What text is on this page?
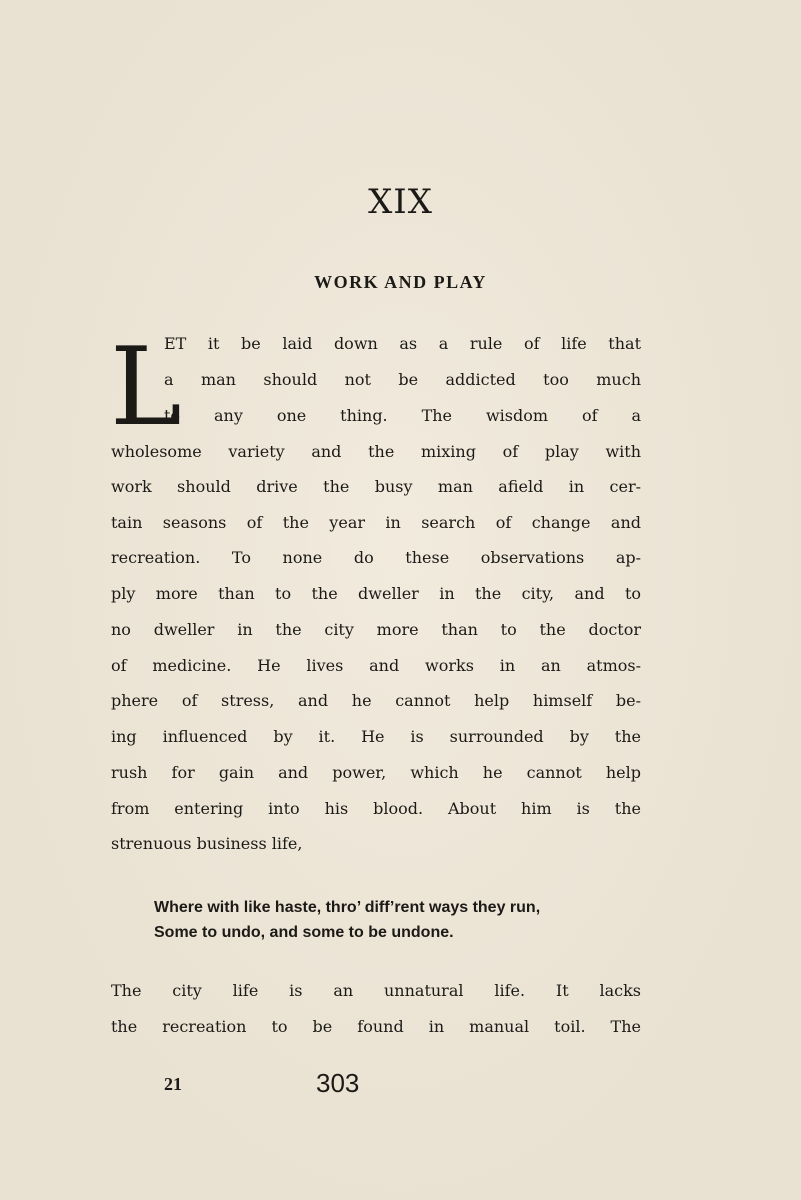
XIX
WORK AND PLAY
L
ET it be laid down as a rule of life that
a man should not be addicted too much
to any one thing. The wisdom of a
wholesome variety and the mixing of play with
work should drive the busy man afield in cer-
tain seasons of the year in search of change and
recreation. To none do these observations ap-
ply more than to the dweller in the city, and to
no dweller in the city more than to the doctor
of medicine. He lives and works in an atmos-
phere of stress, and he cannot help himself be-
ing influenced by it. He is surrounded by the
rush for gain and power, which he cannot help
from entering into his blood. About him is the
strenuous business life,
Where with like haste, thro’ diff’rent ways they run,
Some to undo, and some to be undone.
The city life is an unnatural life. It lacks
the recreation to be found in manual toil. The
21	303
